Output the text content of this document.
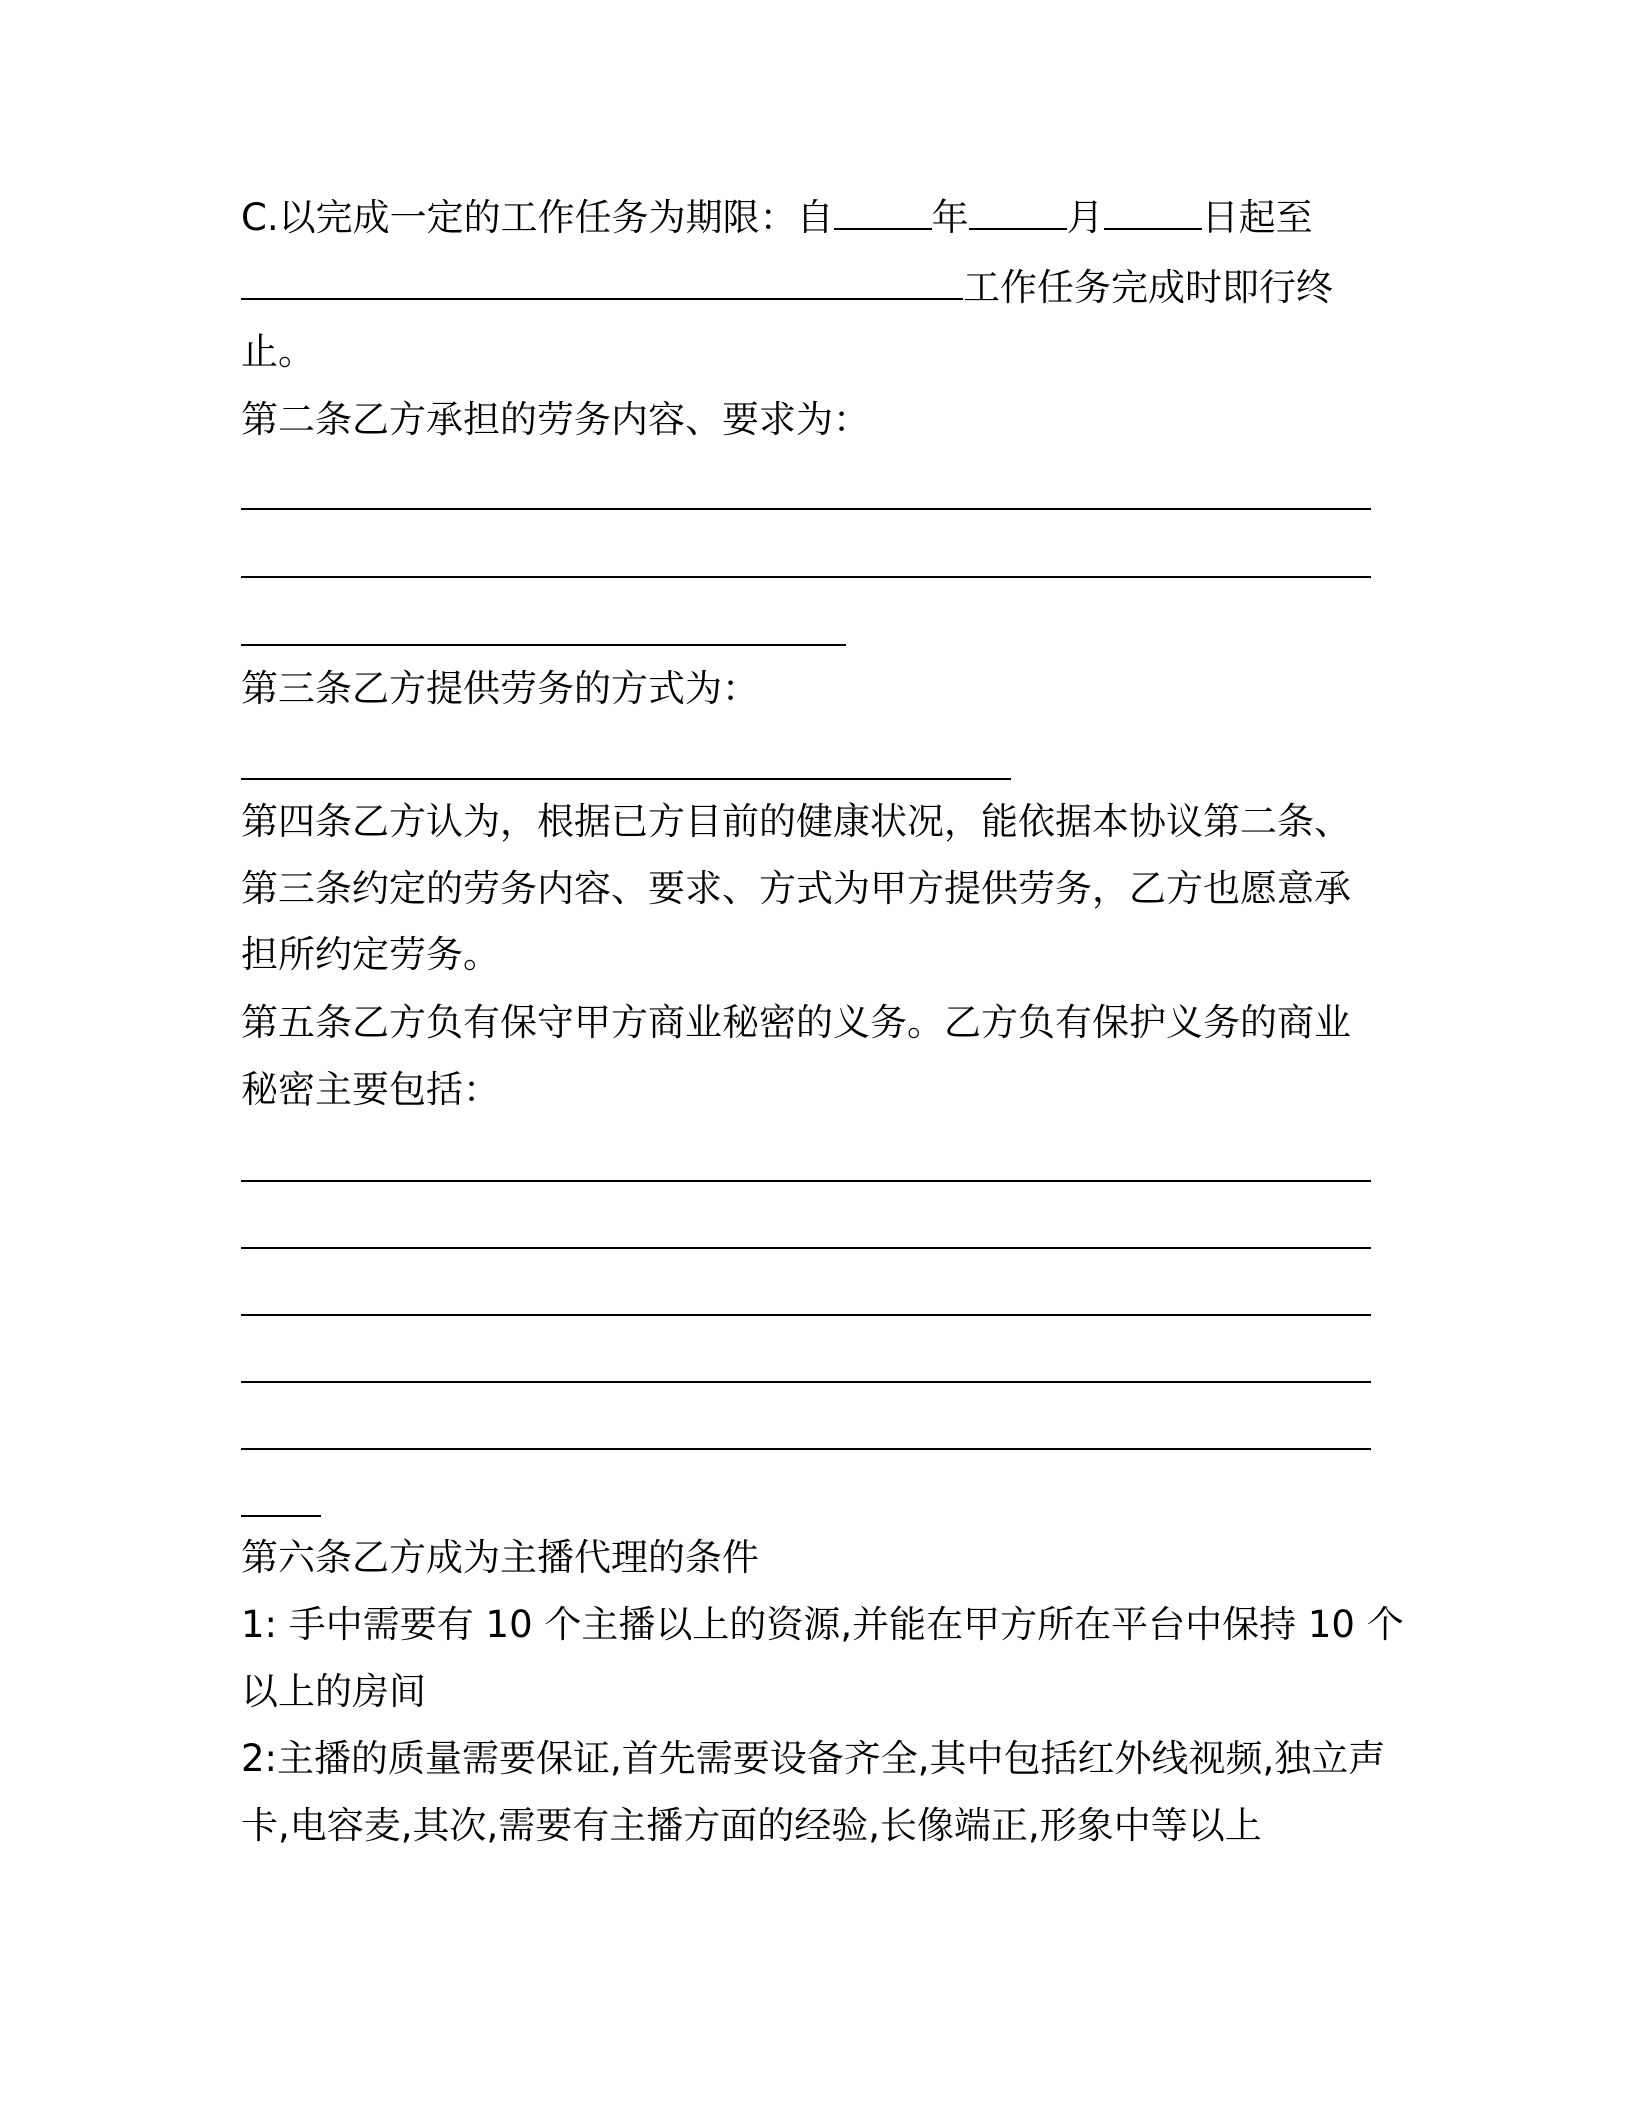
C.以完成一定的工作任务为期限：自	年	月	日起至
工作任务完成时即行终
止。
第二条乙方承担的劳务内容、要求为：
第三条乙方提供劳务的方式为：
第四条乙方认为，根据已方目前的健康状况，能依据本协议第二条、
第三条约定的劳务内容、要求、方式为甲方提供劳务，乙方也愿意承
担所约定劳务。
第五条乙方负有保守甲方商业秘密的义务。乙方负有保护义务的商业
秘密主要包括：
第六条乙方成为主播代理的条件
1: 手中需要有 10 个主播以上的资源,并能在甲方所在平台中保持 10 个
以上的房间
2:主播的质量需要保证,首先需要设备齐全,其中包括红外线视频,独立声
卡,电容麦,其次,需要有主播方面的经验,长像端正,形象中等以上
